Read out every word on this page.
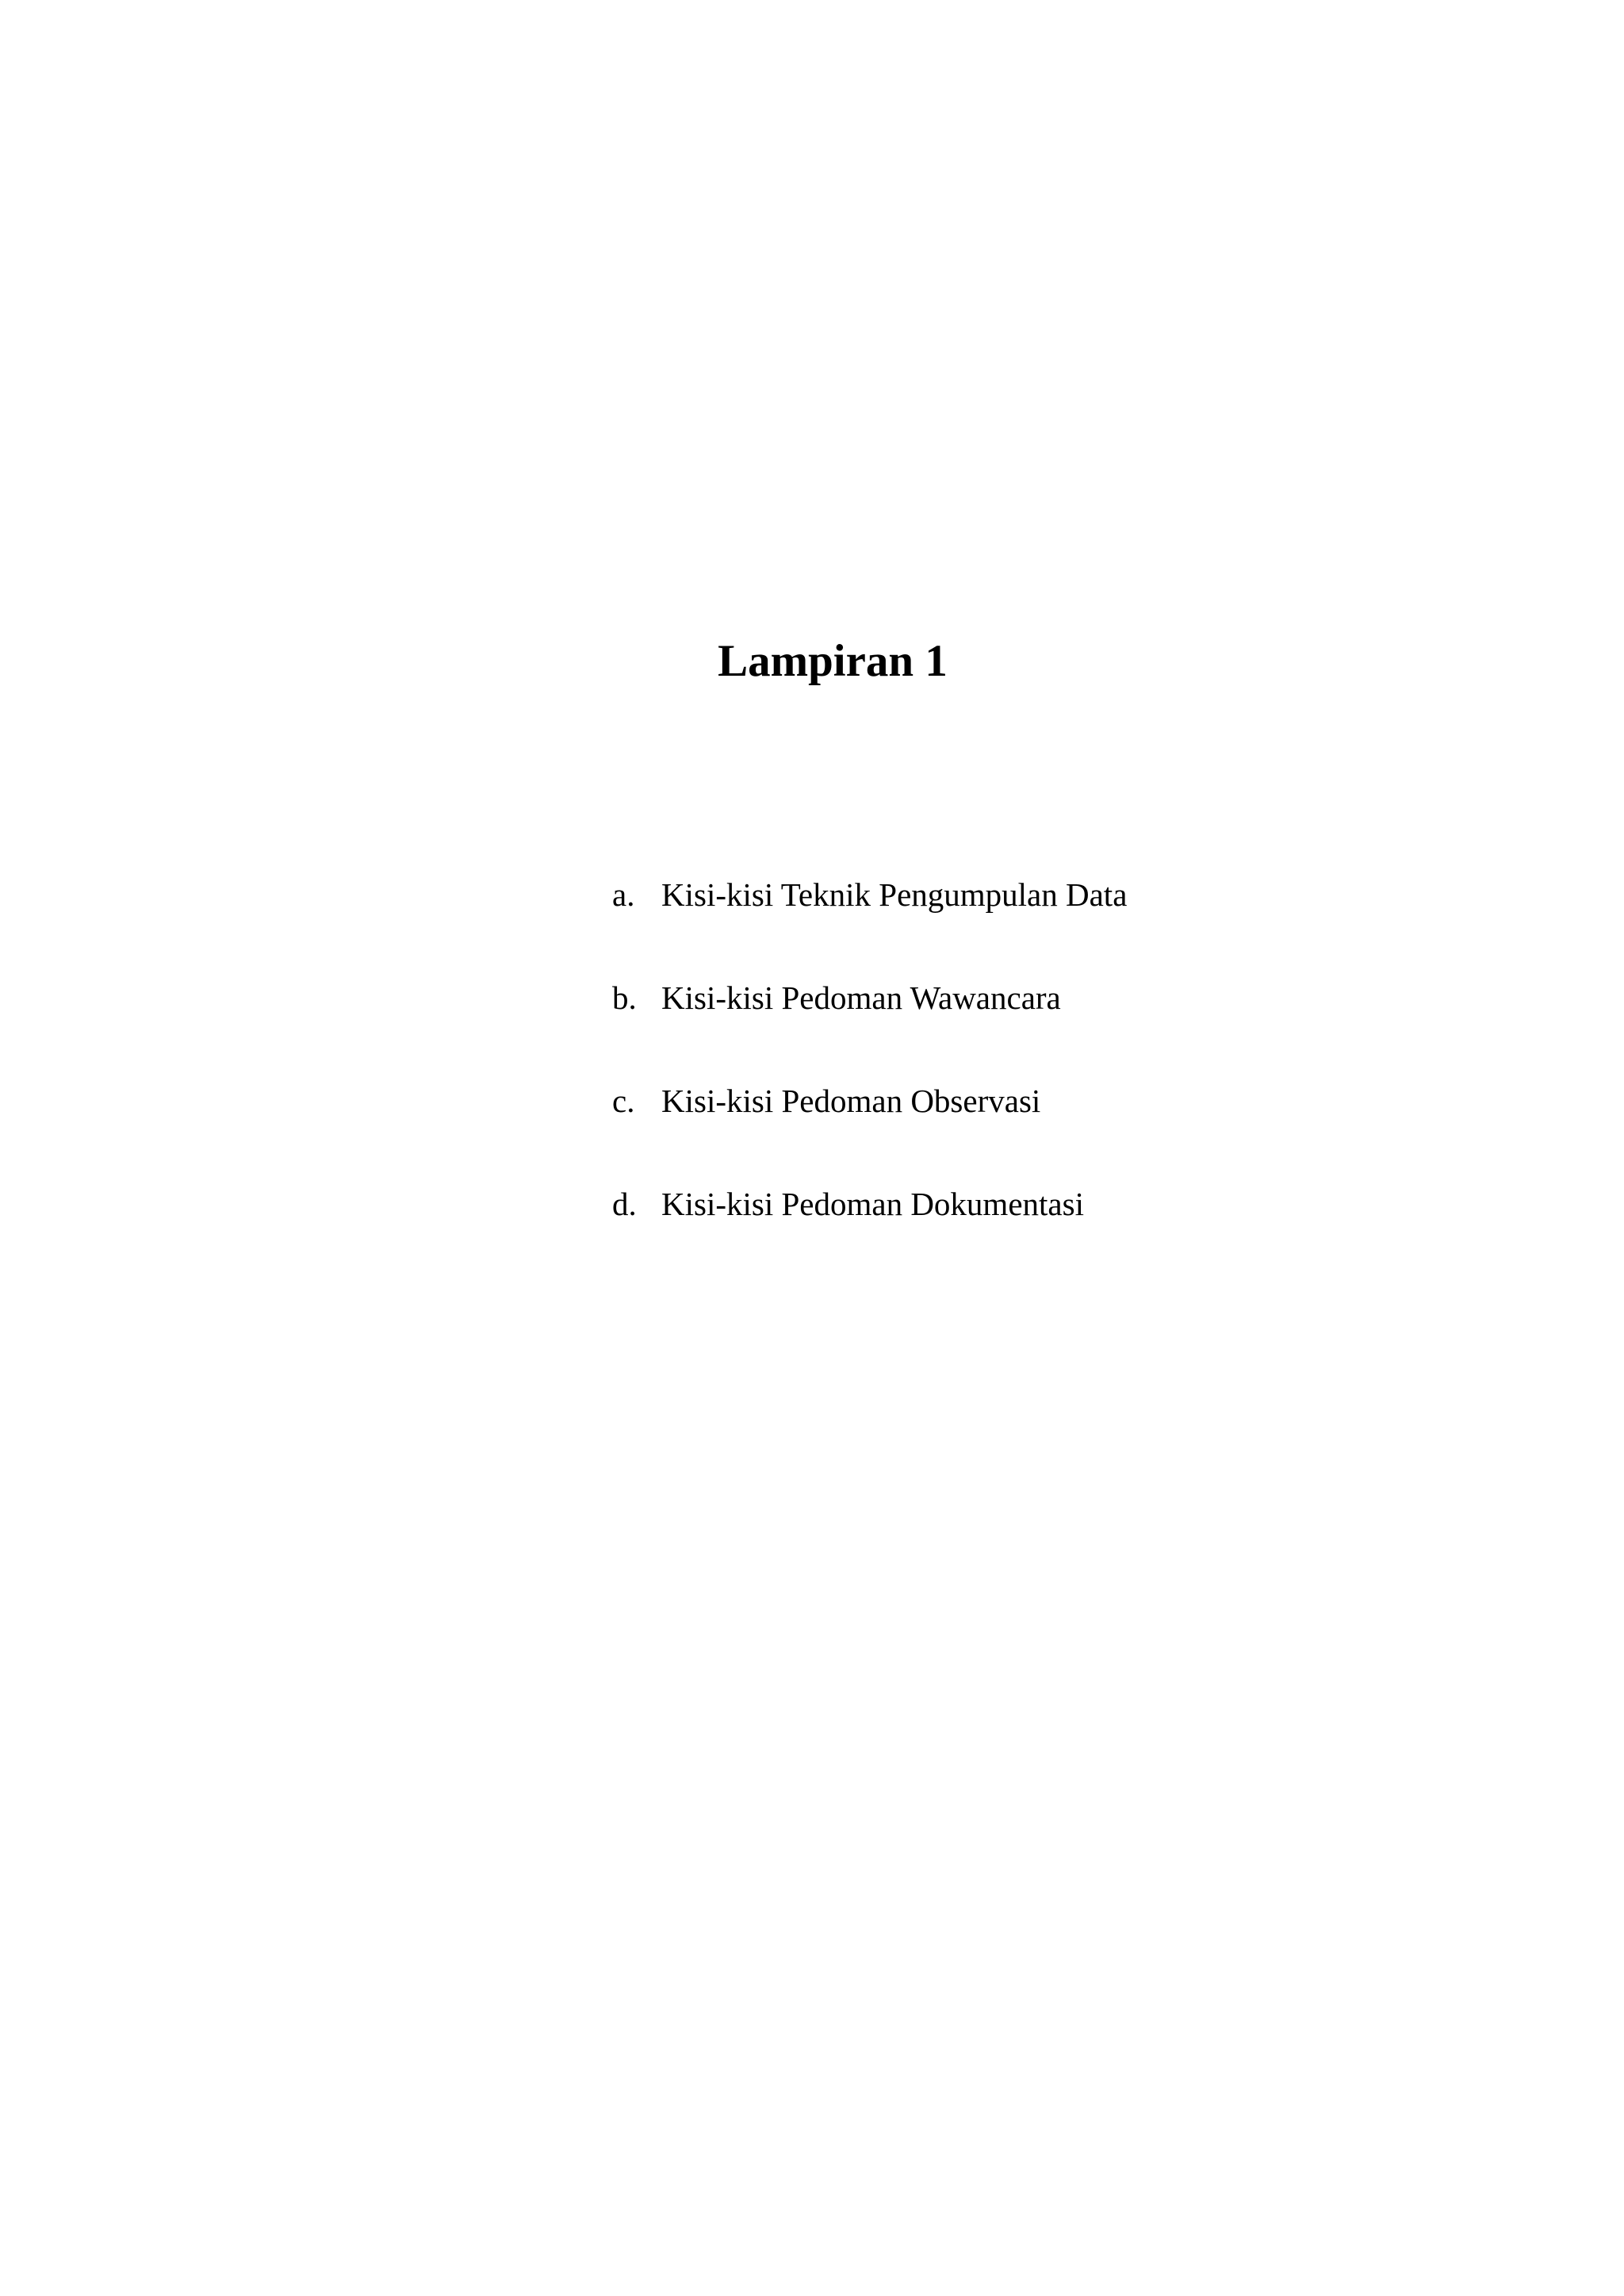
Lampiran 1
a. Kisi-kisi Teknik Pengumpulan Data
b. Kisi-kisi Pedoman Wawancara
c. Kisi-kisi Pedoman Observasi
d. Kisi-kisi Pedoman Dokumentasi
